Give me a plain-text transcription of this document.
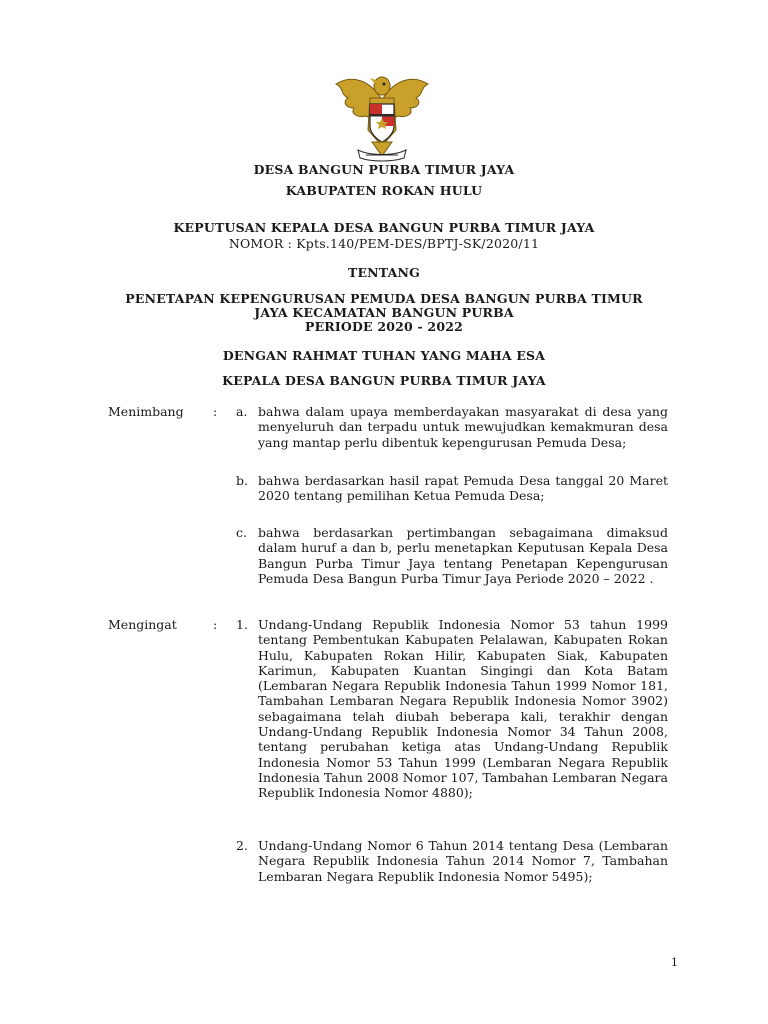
DESA BANGUN PURBA TIMUR JAYA
KABUPATEN ROKAN HULU
KEPUTUSAN KEPALA DESA BANGUN PURBA TIMUR JAYA
NOMOR : Kpts.140/PEM-DES/BPTJ-SK/2020/11
TENTANG
PENETAPAN KEPENGURUSAN PEMUDA DESA BANGUN PURBA TIMUR
JAYA KECAMATAN BANGUN PURBA
PERIODE 2020 - 2022
DENGAN RAHMAT TUHAN YANG MAHA ESA
KEPALA DESA BANGUN PURBA TIMUR JAYA
Menimbang : a. bahwa dalam upaya memberdayakan masyarakat di desa yang menyeluruh dan terpadu untuk mewujudkan kemakmuran desa yang mantap perlu dibentuk kepengurusan Pemuda Desa;
b. bahwa berdasarkan hasil rapat Pemuda Desa tanggal 20 Maret 2020 tentang pemilihan Ketua Pemuda Desa;
c. bahwa berdasarkan pertimbangan sebagaimana dimaksud dalam huruf a dan b, perlu menetapkan Keputusan Kepala Desa Bangun Purba Timur Jaya tentang Penetapan Kepengurusan Pemuda Desa Bangun Purba Timur Jaya Periode 2020 – 2022 .
Mengingat	: 1. Undang-Undang Republik Indonesia Nomor 53 tahun 1999 tentang Pembentukan Kabupaten Pelalawan, Kabupaten Rokan Hulu, Kabupaten Rokan Hilir, Kabupaten Siak, Kabupaten Karimun, Kabupaten Kuantan Singingi dan Kota Batam (Lembaran Negara Republik Indonesia Tahun 1999 Nomor 181, Tambahan Lembaran Negara Republik Indonesia Nomor 3902) sebagaimana telah diubah beberapa kali, terakhir dengan Undang-Undang Republik Indonesia Nomor 34 Tahun 2008, tentang perubahan ketiga atas Undang-Undang Republik Indonesia Nomor 53 Tahun 1999 (Lembaran Negara Republik Indonesia Tahun 2008 Nomor 107, Tambahan Lembaran Negara Republik Indonesia Nomor 4880);
2. Undang-Undang Nomor 6 Tahun 2014 tentang Desa (Lembaran Negara Republik Indonesia Tahun 2014 Nomor 7, Tambahan Lembaran Negara Republik Indonesia Nomor 5495);
1
